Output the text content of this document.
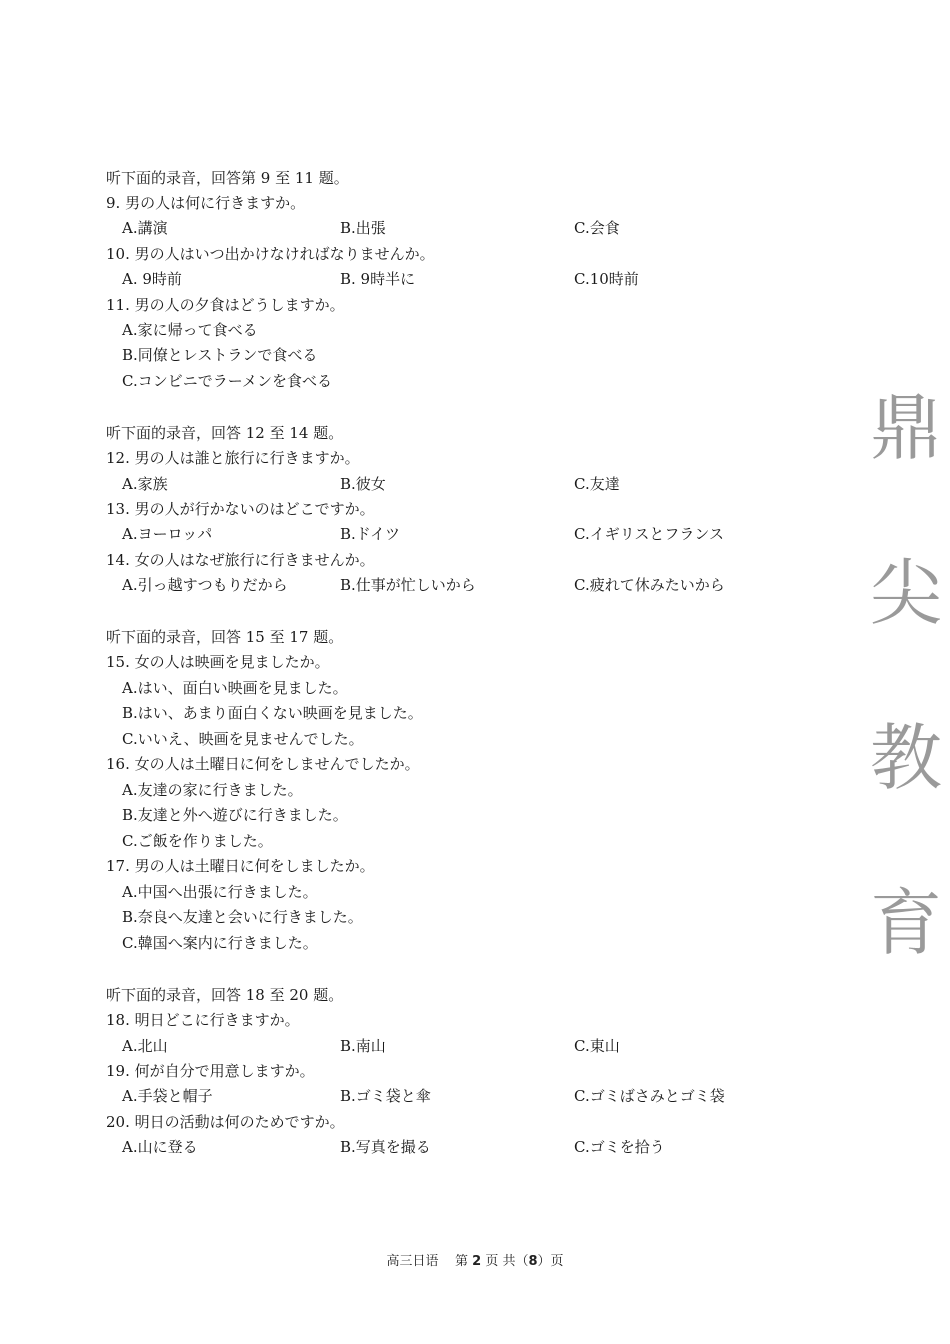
听下面的录音，回答第 9 至 11 题。
9. 男の人は何に行きますか。
A.講演	B.出張	C.会食
10. 男の人はいつ出かけなければなりませんか。
A. 9時前	B. 9時半に	C.10時前
11. 男の人の夕食はどうしますか。
A.家に帰って食べる
B.同僚とレストランで食べる
C.コンビニでラーメンを食べる
听下面的录音，回答 12 至 14 题。
12. 男の人は誰と旅行に行きますか。
A.家族	B.彼女	C.友達
13. 男の人が行かないのはどこですか。
A.ヨーロッパ	B.ドイツ	C.イギリスとフランス
14. 女の人はなぜ旅行に行きませんか。
A.引っ越すつもりだから	B.仕事が忙しいから	C.疲れて休みたいから
听下面的录音，回答 15 至 17 题。
15. 女の人は映画を見ましたか。
A.はい、面白い映画を見ました。
B.はい、あまり面白くない映画を見ました。
C.いいえ、映画を見ませんでした。
16. 女の人は土曜日に何をしませんでしたか。
A.友達の家に行きました。
B.友達と外へ遊びに行きました。
C.ご飯を作りました。
17. 男の人は土曜日に何をしましたか。
A.中国へ出張に行きました。
B.奈良へ友達と会いに行きました。
C.韓国へ案内に行きました。
听下面的录音，回答 18 至 20 题。
18. 明日どこに行きますか。
A.北山	B.南山	C.東山
19. 何が自分で用意しますか。
A.手袋と帽子	B.ゴミ袋と傘	C.ゴミばさみとゴミ袋
20. 明日の活動は何のためですか。
A.山に登る	B.写真を撮る	C.ゴミを拾う
鼎
尖
教
育
高三日语 第 2 页 共（8）页
